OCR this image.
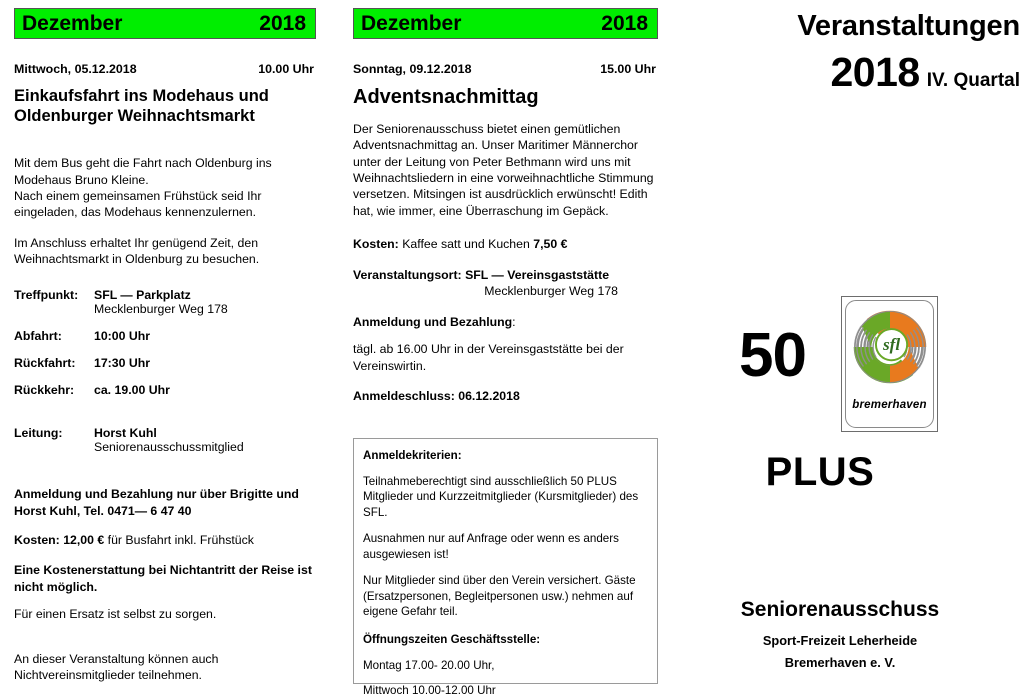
Dezember	2018
Mittwoch, 05.12.2018	10.00 Uhr
Einkaufsfahrt ins Modehaus und Oldenburger Weihnachtsmarkt
Mit dem Bus geht die Fahrt nach Oldenburg ins Modehaus Bruno Kleine.
Nach einem gemeinsamen Frühstück seid Ihr eingeladen, das Modehaus kennenzulernen.
Im Anschluss erhaltet Ihr genügend Zeit, den Weihnachtsmarkt in Oldenburg zu besuchen.
Treffpunkt:	SFL — Parkplatz
Mecklenburger Weg 178
Abfahrt:	10:00 Uhr
Rückfahrt:	17:30 Uhr
Rückkehr:	ca. 19.00 Uhr
Leitung:	Horst Kuhl
Seniorenausschussmitglied
Anmeldung und Bezahlung nur über Brigitte und Horst Kuhl, Tel. 0471— 6 47 40
Kosten: 12,00 € für Busfahrt inkl. Frühstück
Eine Kostenerstattung bei Nichtantritt der Reise ist nicht möglich.
Für einen Ersatz ist selbst zu sorgen.
An dieser Veranstaltung können auch Nichtvereinsmitglieder teilnehmen.
Dezember	2018
Sonntag, 09.12.2018	15.00 Uhr
Adventsnachmittag
Der Seniorenausschuss bietet einen gemütlichen Adventsnachmittag an. Unser Maritimer Männerchor unter der Leitung von Peter Bethmann wird uns mit Weihnachtsliedern in eine vorweihnachtliche Stimmung versetzen. Mitsingen ist ausdrücklich erwünscht! Edith hat, wie immer, eine Überraschung im Gepäck.
Kosten: Kaffee satt und Kuchen 7,50 €
Veranstaltungsort: SFL — Vereinsgaststätte
Mecklenburger Weg 178
Anmeldung und Bezahlung:
tägl. ab 16.00 Uhr in der Vereinsgaststätte bei der Vereinswirtin.
Anmeldeschluss: 06.12.2018
Anmeldekriterien:
Teilnahmeberechtigt sind ausschließlich 50 PLUS Mitglieder und Kurzzeitmitglieder (Kursmitglieder) des SFL.
Ausnahmen nur auf Anfrage oder wenn es anders ausgewiesen ist!
Nur Mitglieder sind über den Verein versichert. Gäste (Ersatzpersonen, Begleitpersonen usw.) nehmen auf eigene Gefahr teil.
Öffnungszeiten Geschäftsstelle:
Montag 17.00- 20.00 Uhr,
Mittwoch 10.00-12.00 Uhr
Veranstaltungen
2018 IV. Quartal
50
PLUS
sfl
bremerhaven
Seniorenausschuss
Sport-Freizeit Leherheide
Bremerhaven e. V.
